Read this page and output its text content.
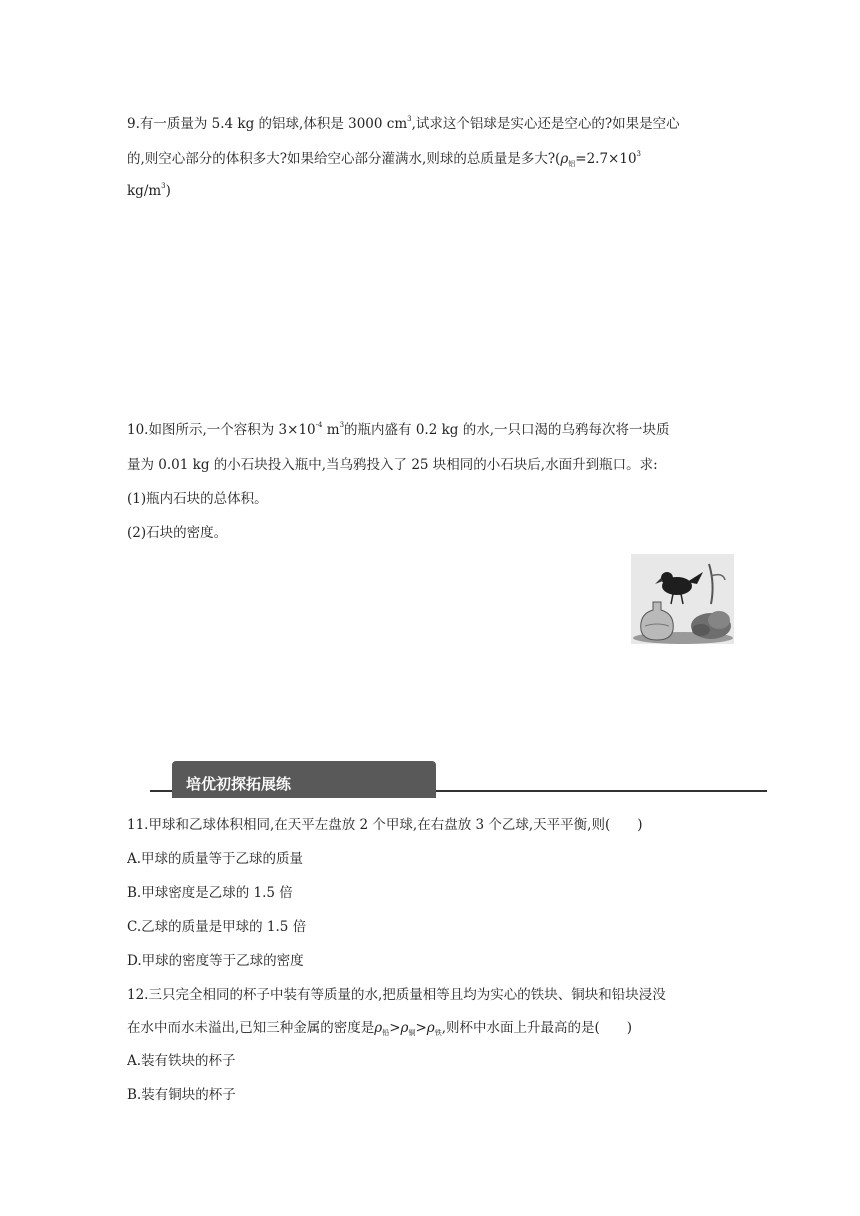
9.有一质量为 5.4 kg 的铝球,体积是 3000 $cm^3$,试求这个铝球是实心还是空心的?如果是空心
的,则空心部分的体积多大?如果给空心部分灌满水,则球的总质量是多大$?(\rho_铝=2.7\times 10^3$
$kg/m^3$)
10.如图所示,一个容积为 $3\times 10^{-4}$ $m^3$的瓶内盛有 0.2 kg 的水,一只口渴的乌鸦每次将一块质
量为 0.01 kg 的小石块投入瓶中,当乌鸦投入了 25 块相同的小石块后,水面升到瓶口。求:
(1)瓶内石块的总体积。
(2)石块的密度。
培优初探拓展练
11.甲球和乙球体积相同,在天平左盘放 2 个甲球,在右盘放 3 个乙球,天平平衡,则(　　)
A.甲球的质量等于乙球的质量
B.甲球密度是乙球的 1.5 倍
C.乙球的质量是甲球的 1.5 倍
D.甲球的密度等于乙球的密度
12.三只完全相同的杯子中装有等质量的水,把质量相等且均为实心的铁块、铜块和铅块浸没
在水中而水未溢出,已知三种金属的密度是$\rho_铅>\rho_铜>\rho_铁$,则杯中水面上升最高的是(　　)
A.装有铁块的杯子
B.装有铜块的杯子
